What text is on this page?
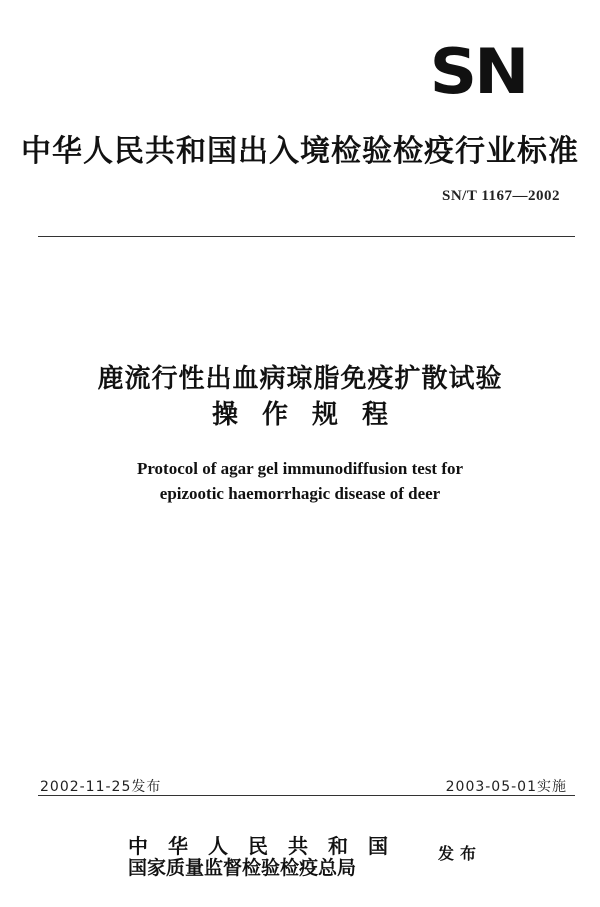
SN
中华人民共和国出入境检验检疫行业标准
SN/T 1167—2002
鹿流行性出血病琼脂免疫扩散试验
操作规程
Protocol of agar gel immunodiffusion test for
epizootic haemorrhagic disease of deer
2002-11-25发布	2003-05-01实施
中华人民共和国
国家质量监督检验检疫总局
发布
